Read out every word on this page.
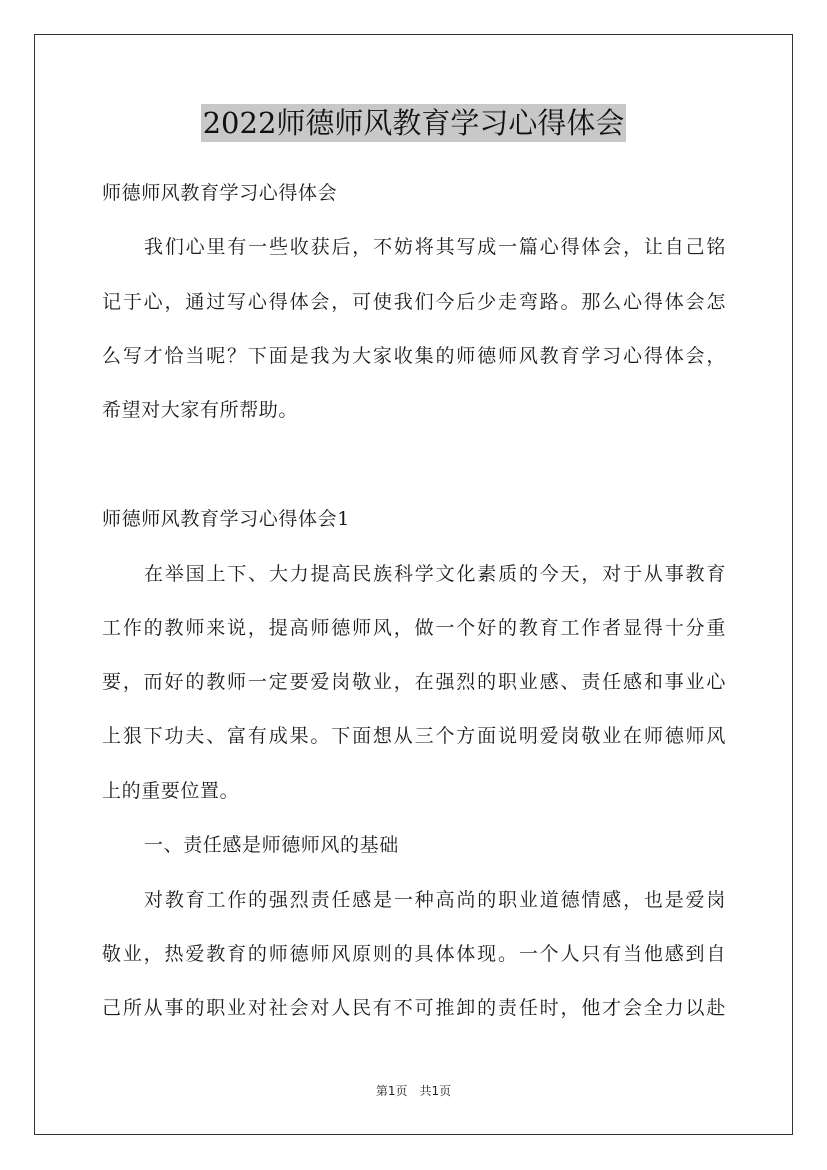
2022师德师风教育学习心得体会
师德师风教育学习心得体会
我们心里有一些收获后，不妨将其写成一篇心得体会，让自己铭
记于心，通过写心得体会，可使我们今后少走弯路。那么心得体会怎
么写才恰当呢？下面是我为大家收集的师德师风教育学习心得体会，
希望对大家有所帮助。
师德师风教育学习心得体会1
在举国上下、大力提高民族科学文化素质的今天，对于从事教育
工作的教师来说，提高师德师风，做一个好的教育工作者显得十分重
要，而好的教师一定要爱岗敬业，在强烈的职业感、责任感和事业心
上狠下功夫、富有成果。下面想从三个方面说明爱岗敬业在师德师风
上的重要位置。
一、责任感是师德师风的基础
对教育工作的强烈责任感是一种高尚的职业道德情感，也是爱岗
敬业，热爱教育的师德师风原则的具体体现。一个人只有当他感到自
己所从事的职业对社会对人民有不可推卸的责任时，他才会全力以赴
第1页 共1页
